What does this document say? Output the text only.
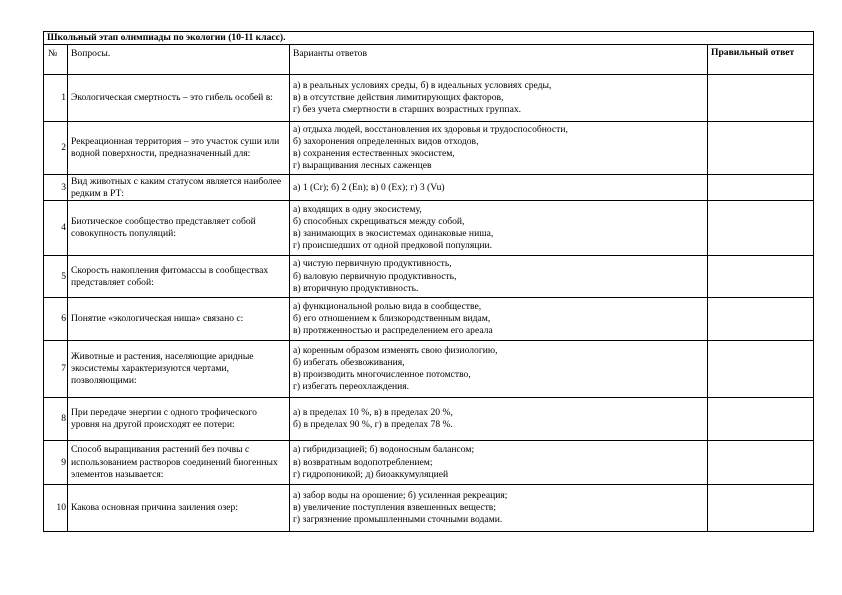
Школьный этап олимпиады по экологии (10-11 класс).			
№	Вопросы.	Варианты ответов	Правильный ответ
1	Экологическая смертность – это гибель особей в:	а) в реальных условиях среды, б) в идеальных условиях среды,
в) в отсутствие действия лимитирующих факторов,
г) без учета смертности в старших возрастных группах.	

2	Рекреационная территория – это участок суши или водной поверхности, предназначенный для:	а) отдыха людей, восстановления их здоровья и трудоспособности,
б) захоронения определенных видов отходов,
в) сохранения естественных экосистем,
г) выращивания лесных саженцев	

3	Вид животных с каким статусом является наиболее редким в РТ:	а) 1 (Cr); б) 2 (En); в) 0 (Ex); г) 3 (Vu)	

4	Биотическое сообщество представляет собой совокупность популяций:	а) входящих в одну экосистему,
б) способных скрещиваться между собой,
в) занимающих в экосистемах одинаковые ниша,
г) происшедших от одной предковой популяции.	

5	Скорость накопления фитомассы в сообществах представляет собой:	а) чистую первичную продуктивность,
б) валовую первичную продуктивность,
в) вторичную продуктивность.	

6	Понятие «экологическая ниша» связано с:	а) функциональной ролью вида в сообществе,
б) его отношением к близкородственным видам,
в) протяженностью и распределением его ареала	

7	Животные и растения, населяющие аридные экосистемы характеризуются чертами, позволяющими:	а) коренным образом изменять свою физиологию,
б) избегать обезвоживания,
в) производить многочисленное потомство,
г) избегать переохлаждения.	

8	При передаче энергии с одного трофического уровня на другой происходят ее потери:	а) в пределах 10 %, в) в пределах 20 %,
б) в пределах 90 %, г) в пределах 78 %.	

9	Способ выращивания растений без почвы с использованием растворов соединений биогенных элементов называется:	а) гибридизацией; б) водоносным балансом;
в) возвратным водопотреблением;
г) гидропоникой; д) биоаккумуляцией	

10	Какова основная причина заиления озер:	а) забор воды на орошение; б) усиленная рекреация;
в) увеличение поступления взвешенных веществ;
г) загрязнение промышленными сточными водами.	
